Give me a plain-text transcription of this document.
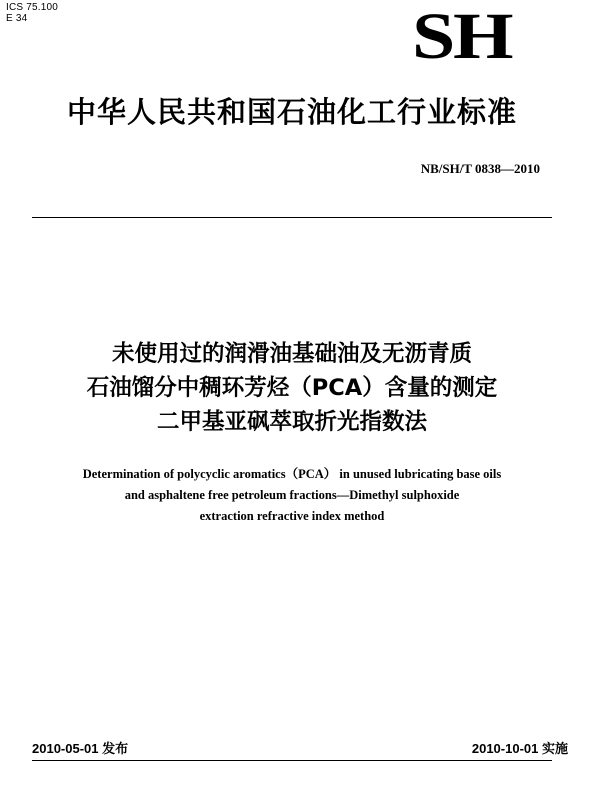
ICS 75.100
E 34	SH
中华人民共和国石油化工行业标准
NB/SH/T 0838—2010
未使用过的润滑油基础油及无沥青质
石油馏分中稠环芳烃（PCA）含量的测定
二甲基亚砜萃取折光指数法
Determination of polycyclic aromatics（PCA） in unused lubricating base oils
and asphaltene free petroleum fractions—Dimethyl sulphoxide
extraction refractive index method
2010-05-01 发布	2010-10-01 实施
